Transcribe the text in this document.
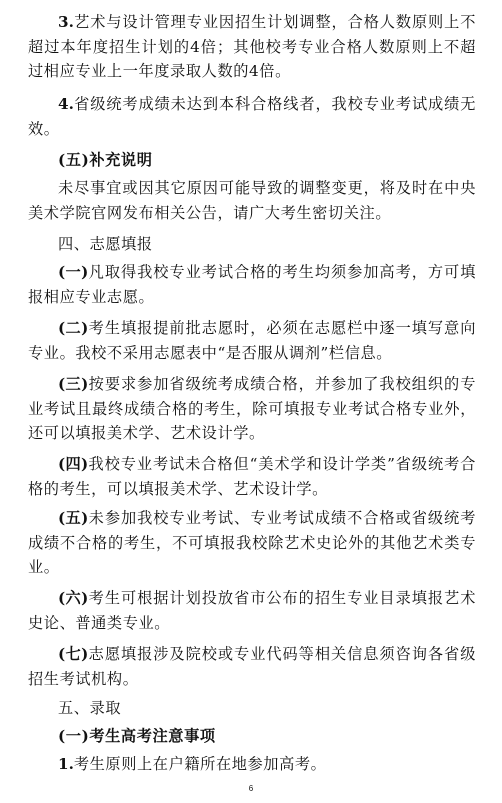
3.艺术与设计管理专业因招生计划调整，合格人数原则上不超过本年度招生计划的4倍；其他校考专业合格人数原则上不超过相应专业上一年度录取人数的4倍。

4.省级统考成绩未达到本科合格线者，我校专业考试成绩无效。

(五)补充说明

未尽事宜或因其它原因可能导致的调整变更，将及时在中央美术学院官网发布相关公告，请广大考生密切关注。

四、志愿填报

(一)凡取得我校专业考试合格的考生均须参加高考，方可填报相应专业志愿。

(二)考生填报提前批志愿时，必须在志愿栏中逐一填写意向专业。我校不采用志愿表中“是否服从调剂”栏信息。

(三)按要求参加省级统考成绩合格，并参加了我校组织的专业考试且最终成绩合格的考生，除可填报专业考试合格专业外，还可以填报美术学、艺术设计学。

(四)我校专业考试未合格但“美术学和设计学类”省级统考合格的考生，可以填报美术学、艺术设计学。

(五)未参加我校专业考试、专业考试成绩不合格或省级统考成绩不合格的考生，不可填报我校除艺术史论外的其他艺术类专业。

(六)考生可根据计划投放省市公布的招生专业目录填报艺术史论、普通类专业。

(七)志愿填报涉及院校或专业代码等相关信息须咨询各省级招生考试机构。

五、录取

(一)考生高考注意事项

1.考生原则上在户籍所在地参加高考。

6
